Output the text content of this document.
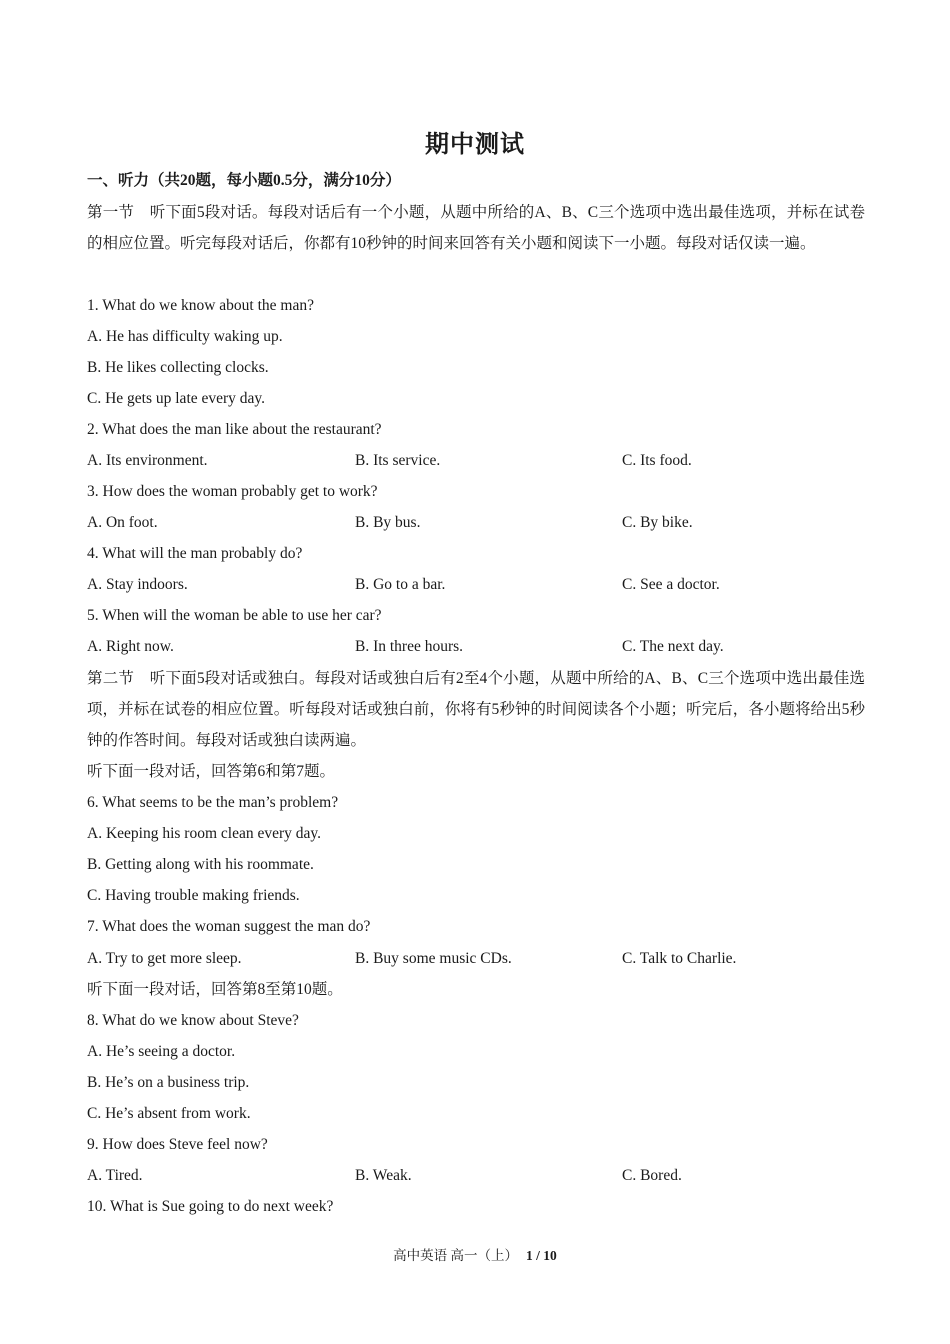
期中测试
一、听力（共20题，每小题0.5分，满分10分）
第一节　听下面5段对话。每段对话后有一个小题，从题中所给的A、B、C三个选项中选出最佳选项，并标在试卷的相应位置。听完每段对话后，你都有10秒钟的时间来回答有关小题和阅读下一小题。每段对话仅读一遍。
1. What do we know about the man?
A. He has difficulty waking up.
B. He likes collecting clocks.
C. He gets up late every day.
2. What does the man like about the restaurant?
A. Its environment.	B. Its service.	C. Its food.
3. How does the woman probably get to work?
A. On foot.	B. By bus.	C. By bike.
4. What will the man probably do?
A. Stay indoors.	B. Go to a bar.	C. See a doctor.
5. When will the woman be able to use her car?
A. Right now.	B. In three hours.	C. The next day.
第二节　听下面5段对话或独白。每段对话或独白后有2至4个小题，从题中所给的A、B、C三个选项中选出最佳选项，并标在试卷的相应位置。听每段对话或独白前，你将有5秒钟的时间阅读各个小题；听完后，各小题将给出5秒钟的作答时间。每段对话或独白读两遍。
听下面一段对话，回答第6和第7题。
6. What seems to be the man’s problem?
A. Keeping his room clean every day.
B. Getting along with his roommate.
C. Having trouble making friends.
7. What does the woman suggest the man do?
A. Try to get more sleep.	B. Buy some music CDs.	C. Talk to Charlie.
听下面一段对话，回答第8至第10题。
8. What do we know about Steve?
A. He’s seeing a doctor.
B. He’s on a business trip.
C. He’s absent from work.
9. How does Steve feel now?
A. Tired.	B. Weak.	C. Bored.
10. What is Sue going to do next week?
高中英语 高一（上） 1 / 10
